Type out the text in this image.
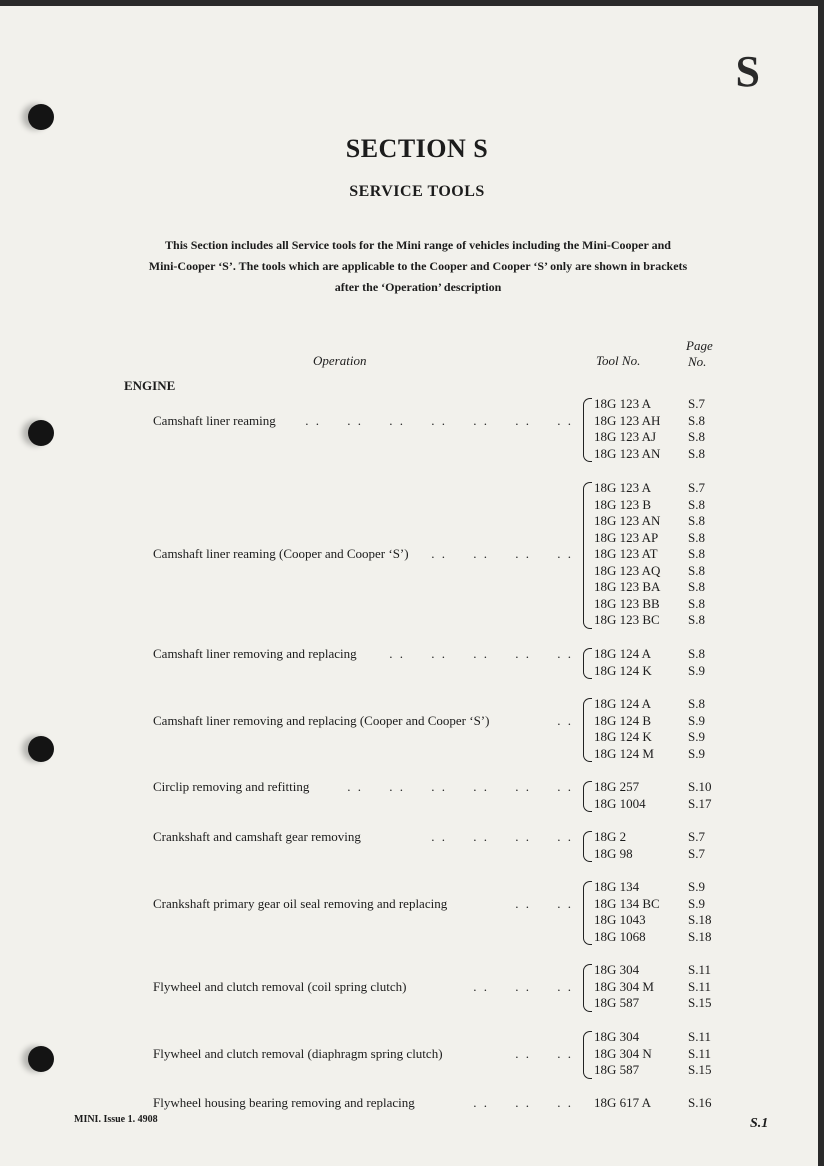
S
SECTION S
SERVICE TOOLS
This Section includes all Service tools for the Mini range of vehicles including the Mini-Cooper and
Mini-Cooper ‘S’. The tools which are applicable to the Cooper and Cooper ‘S’ only are shown in brackets
after the ‘Operation’ description
Operation	Tool No.
Page
No.
ENGINE
Camshaft liner reaming . .     . .     . .     . .     . .     . .     . .
18G 123 A	S.7
18G 123 AH S.8
18G 123 AJ S.8
18G 123 AN S.8
Camshaft liner reaming (Cooper and Cooper ‘S’) . .     . .     . .     . .
18G 123 A	S.7
18G 123 B	S.8
18G 123 AN S.8
18G 123 AP S.8
18G 123 AT S.8
18G 123 AQ S.8
18G 123 BA S.8
18G 123 BB S.8
18G 123 BC S.8
Camshaft liner removing and replacing	. .     . .     . .     . .     . . 18G 124 A	S.8
18G 124 K	S.9
Camshaft liner removing and replacing (Cooper and Cooper ‘S’)	. .
18G 124 A	S.8
18G 124 B	S.9
18G 124 K	S.9
18G 124 M	S.9
Circlip removing and refitting	. .     . .     . .     . .     . .     . . 18G 257	S.10
18G 1004	S.17
Crankshaft and camshaft gear removing	. .     . .     . .     . . 18G 2	S.7
18G 98	S.7
Crankshaft primary gear oil seal removing and replacing	. .     . .
18G 134	S.9
18G 134 BC S.9
18G 1043	S.18
18G 1068	S.18
Flywheel and clutch removal (coil spring clutch)	. .     . .     . .
18G 304	S.11
18G 304 M	S.11
18G 587	S.15
Flywheel and clutch removal (diaphragm spring clutch)	. .     . .
18G 304	S.11
18G 304 N	S.11
18G 587	S.15
Flywheel housing bearing removing and replacing	. .     . .     . . 18G 617 A	S.16
MINI. Issue 1. 4908	S.1
